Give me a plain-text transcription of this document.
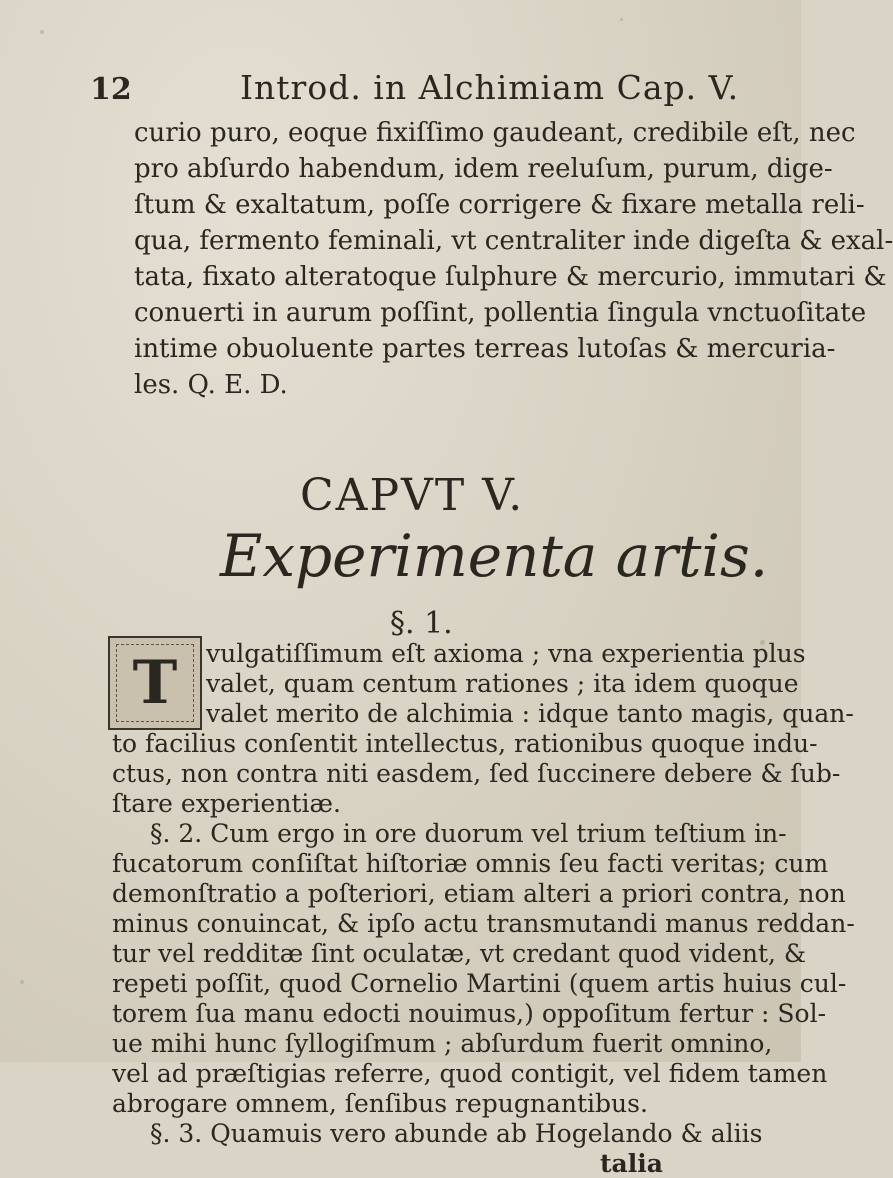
12	Introd. in Alchimiam Cap. V.
curio puro, eoque fixiſſimo gaudeant, credibile eſt, nec
pro abſurdo habendum, idem reeluſum, purum, dige-
ſtum & exaltatum, poſſe corrigere & fixare metalla reli-
qua, fermento feminali, vt centraliter inde digeſta & exal-
tata, fixato alteratoque ſulphure & mercurio, immutari &
conuerti in aurum poſſint, pollentia ſingula vnctuoſitate
intime obuoluente partes terreas lutoſas & mercuria-
les. Q. E. D.
CAPVT V.
Experimenta artis.
§. 1.
T	vulgatiſſimum eſt axioma ; vna experientia plus
valet, quam centum rationes ; ita idem quoque
valet merito de alchimia : idque tanto magis, quan-
to facilius conſentit intellectus, rationibus quoque indu-
ctus, non contra niti easdem, ſed ſuccinere debere & ſub-
ſtare experientiæ.
§. 2. Cum ergo in ore duorum vel trium teſtium in-
fucatorum conſiſtat hiſtoriæ omnis ſeu facti veritas; cum
demonſtratio a poſteriori, etiam alteri a priori contra, non
minus conuincat, & ipſo actu transmutandi manus reddan-
tur vel redditæ ſint oculatæ, vt credant quod vident, &
repeti poſſit, quod Cornelio Martini (quem artis huius cul-
torem ſua manu edocti nouimus,) oppoſitum fertur : Sol-
ue mihi hunc ſyllogiſmum ; abſurdum fuerit omnino,
vel ad præſtigias referre, quod contigit, vel fidem tamen
abrogare omnem, ſenſibus repugnantibus.
§. 3. Quamuis vero abunde ab Hogelando & aliis
talia
